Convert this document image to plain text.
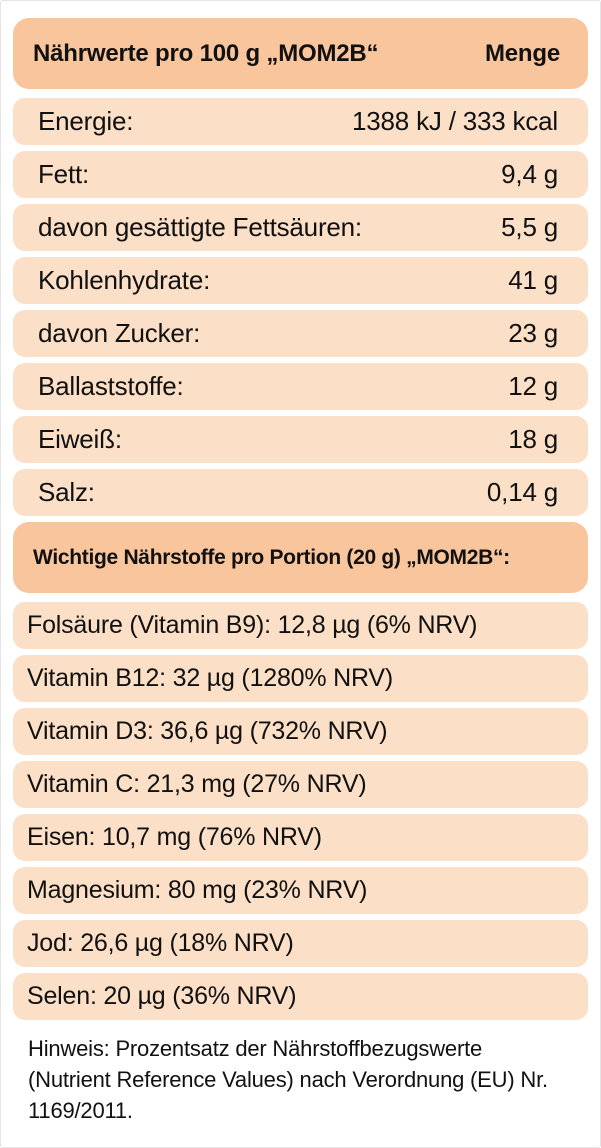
Nährwerte pro 100 g „MOM2B“	Menge
Energie:	1388 kJ / 333 kcal
Fett:	9,4 g
davon gesättigte Fettsäuren:	5,5 g
Kohlenhydrate:	41 g
davon Zucker:	23 g
Ballaststoffe:	12 g
Eiweiß:	18 g
Salz:	0,14 g
Wichtige Nährstoffe pro Portion (20 g) „MOM2B“:
Folsäure (Vitamin B9): 12,8 µg (6% NRV)
Vitamin B12: 32 µg (1280% NRV)
Vitamin D3: 36,6 µg (732% NRV)
Vitamin C: 21,3 mg (27% NRV)
Eisen: 10,7 mg (76% NRV)
Magnesium: 80 mg (23% NRV)
Jod: 26,6 µg (18% NRV)
Selen: 20 µg (36% NRV)
Hinweis: Prozentsatz der Nährstoffbezugswerte (Nutrient Reference Values) nach Verordnung (EU) Nr. 1169/2011.
